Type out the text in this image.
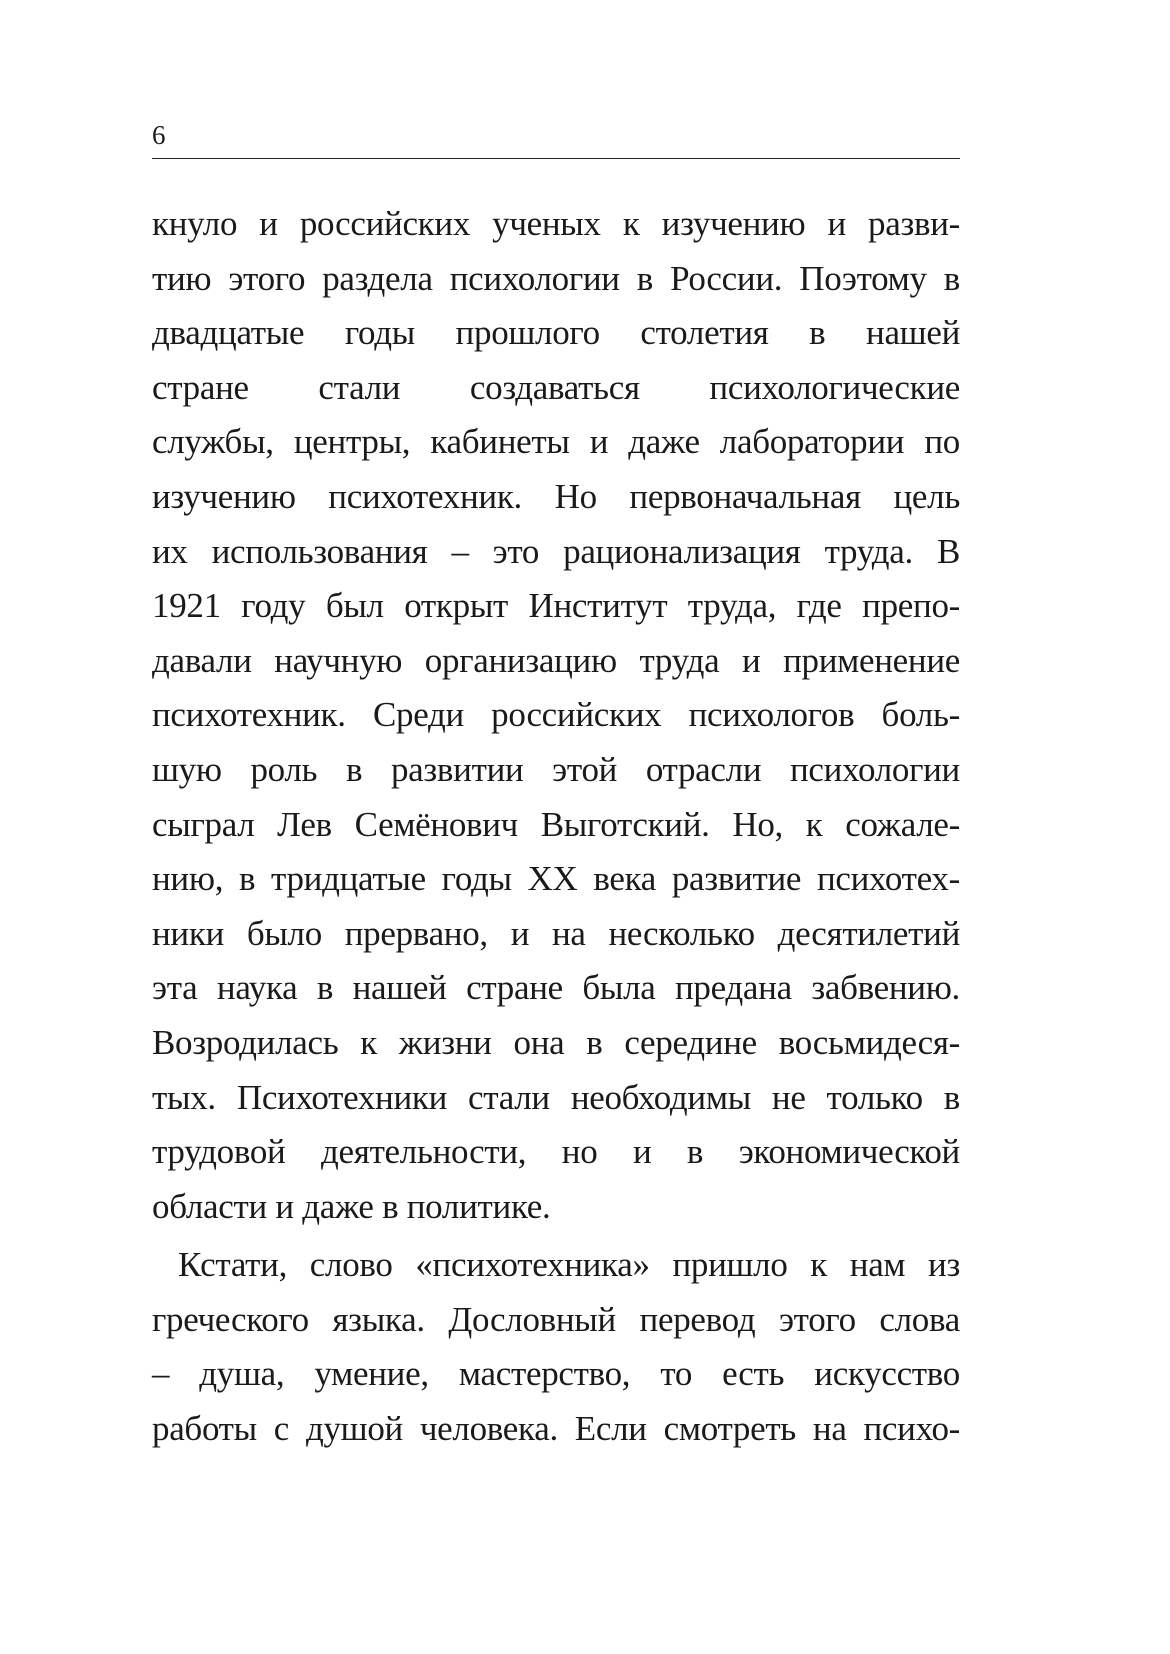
6
кнуло и российских ученых к изучению и разви-
тию этого раздела психологии в России. Поэтому в
двадцатые годы прошлого столетия в нашей
стране стали создаваться психологические
службы, центры, кабинеты и даже лаборатории по
изучению психотехник. Но первоначальная цель
их использования – это рационализация труда. В
1921 году был открыт Институт труда, где препо-
давали научную организацию труда и применение
психотехник. Среди российских психологов боль-
шую роль в развитии этой отрасли психологии
сыграл Лев Семёнович Выготский. Но, к сожале-
нию, в тридцатые годы XX века развитие психотех-
ники было прервано, и на несколько десятилетий
эта наука в нашей стране была предана забвению.
Возродилась к жизни она в середине восьмидеся-
тых. Психотехники стали необходимы не только в
трудовой деятельности, но и в экономической
области и даже в политике.
Кстати, слово «психотехника» пришло к нам из
греческого языка. Дословный перевод этого слова
– душа, умение, мастерство, то есть искусство
работы с душой человека. Если смотреть на психо-
